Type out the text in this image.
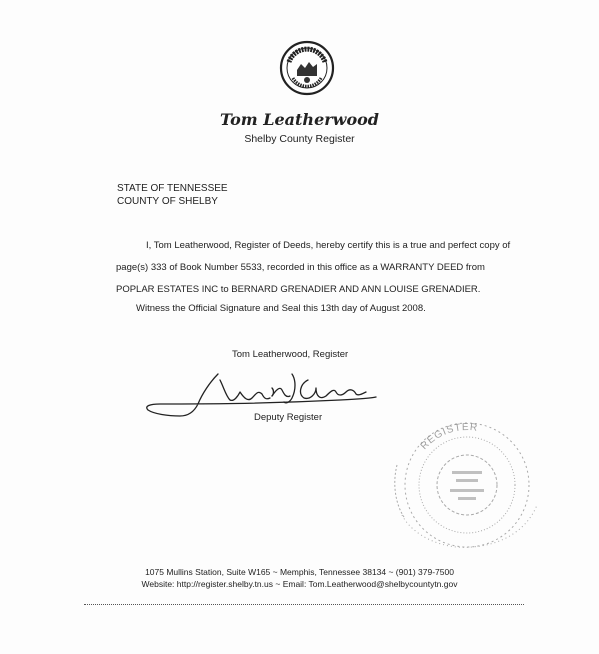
Tom Leatherwood
Shelby County Register
STATE OF TENNESSEE
COUNTY OF SHELBY
I, Tom Leatherwood, Register of Deeds, hereby certify this is a true and perfect copy of
page(s) 333 of Book Number 5533, recorded in this office as a WARRANTY DEED from
POPLAR ESTATES INC to BERNARD GRENADIER AND ANN LOUISE GRENADIER.
Witness the Official Signature and Seal this 13th day of August 2008.
Tom Leatherwood, Register
Deputy Register
REGISTER
1075 Mullins Station, Suite W165 ~ Memphis, Tennessee 38134 ~ (901) 379-7500
Website: http://register.shelby.tn.us ~ Email: Tom.Leatherwood@shelbycountytn.gov
